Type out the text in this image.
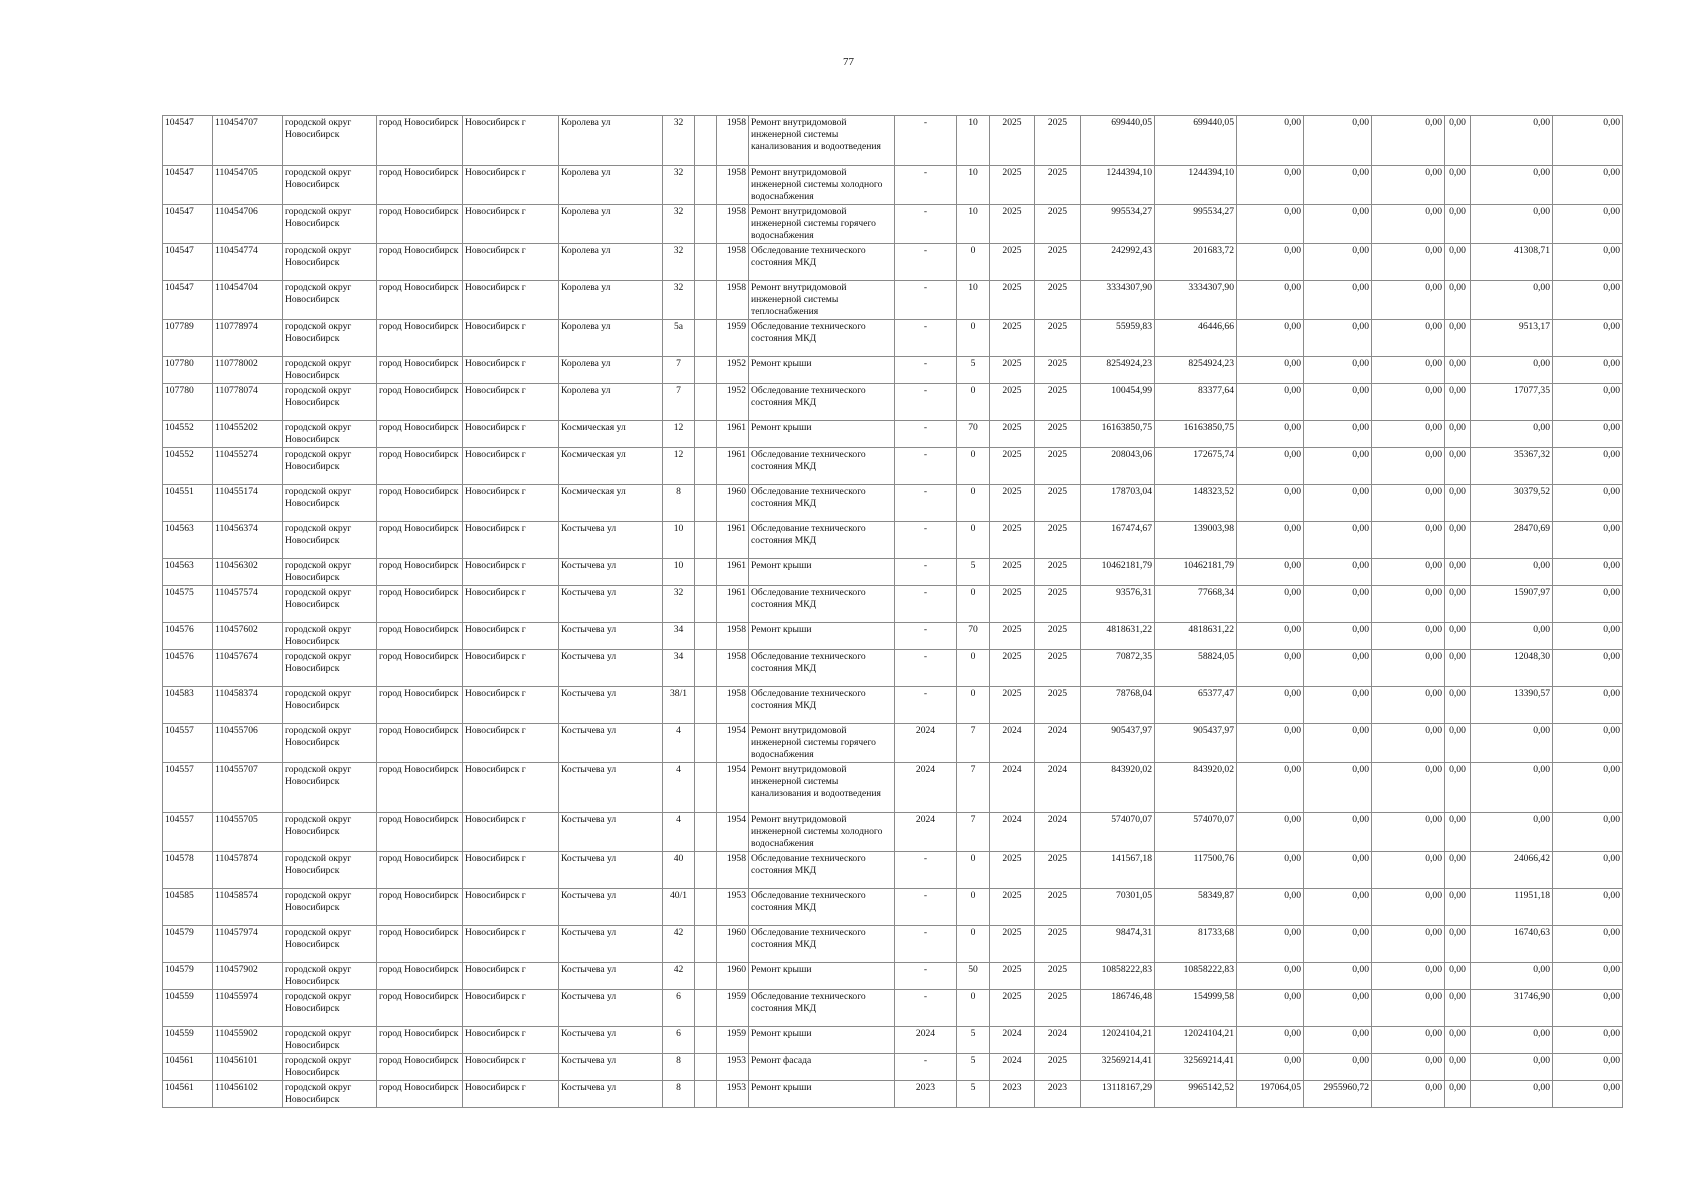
77
104547	110454707	городской округ Новосибирск	город Новосибирск	Новосибирск г	Королева ул	32		1958	Ремонт внутридомовой инженерной системы канализования и водоотведения	-	10	2025	2025	699440,05	699440,05	0,00	0,00	0,00	0,00	0,00	0,00
104547	110454705	городской округ Новосибирск	город Новосибирск	Новосибирск г	Королева ул	32		1958	Ремонт внутридомовой инженерной системы холодного водоснабжения	-	10	2025	2025	1244394,10	1244394,10	0,00	0,00	0,00	0,00	0,00	0,00
104547	110454706	городской округ Новосибирск	город Новосибирск	Новосибирск г	Королева ул	32		1958	Ремонт внутридомовой инженерной системы горячего водоснабжения	-	10	2025	2025	995534,27	995534,27	0,00	0,00	0,00	0,00	0,00	0,00
104547	110454774	городской округ Новосибирск	город Новосибирск	Новосибирск г	Королева ул	32		1958	Обследование технического состояния МКД	-	0	2025	2025	242992,43	201683,72	0,00	0,00	0,00	0,00	41308,71	0,00
104547	110454704	городской округ Новосибирск	город Новосибирск	Новосибирск г	Королева ул	32		1958	Ремонт внутридомовой инженерной системы теплоснабжения	-	10	2025	2025	3334307,90	3334307,90	0,00	0,00	0,00	0,00	0,00	0,00
107789	110778974	городской округ Новосибирск	город Новосибирск	Новосибирск г	Королева ул	5а		1959	Обследование технического состояния МКД	-	0	2025	2025	55959,83	46446,66	0,00	0,00	0,00	0,00	9513,17	0,00
107780	110778002	городской округ Новосибирск	город Новосибирск	Новосибирск г	Королева ул	7		1952	Ремонт крыши	-	5	2025	2025	8254924,23	8254924,23	0,00	0,00	0,00	0,00	0,00	0,00
107780	110778074	городской округ Новосибирск	город Новосибирск	Новосибирск г	Королева ул	7		1952	Обследование технического состояния МКД	-	0	2025	2025	100454,99	83377,64	0,00	0,00	0,00	0,00	17077,35	0,00
104552	110455202	городской округ Новосибирск	город Новосибирск	Новосибирск г	Космическая ул	12		1961	Ремонт крыши	-	70	2025	2025	16163850,75	16163850,75	0,00	0,00	0,00	0,00	0,00	0,00
104552	110455274	городской округ Новосибирск	город Новосибирск	Новосибирск г	Космическая ул	12		1961	Обследование технического состояния МКД	-	0	2025	2025	208043,06	172675,74	0,00	0,00	0,00	0,00	35367,32	0,00
104551	110455174	городской округ Новосибирск	город Новосибирск	Новосибирск г	Космическая ул	8		1960	Обследование технического состояния МКД	-	0	2025	2025	178703,04	148323,52	0,00	0,00	0,00	0,00	30379,52	0,00
104563	110456374	городской округ Новосибирск	город Новосибирск	Новосибирск г	Костычева ул	10		1961	Обследование технического состояния МКД	-	0	2025	2025	167474,67	139003,98	0,00	0,00	0,00	0,00	28470,69	0,00
104563	110456302	городской округ Новосибирск	город Новосибирск	Новосибирск г	Костычева ул	10		1961	Ремонт крыши	-	5	2025	2025	10462181,79	10462181,79	0,00	0,00	0,00	0,00	0,00	0,00
104575	110457574	городской округ Новосибирск	город Новосибирск	Новосибирск г	Костычева ул	32		1961	Обследование технического состояния МКД	-	0	2025	2025	93576,31	77668,34	0,00	0,00	0,00	0,00	15907,97	0,00
104576	110457602	городской округ Новосибирск	город Новосибирск	Новосибирск г	Костычева ул	34		1958	Ремонт крыши	-	70	2025	2025	4818631,22	4818631,22	0,00	0,00	0,00	0,00	0,00	0,00
104576	110457674	городской округ Новосибирск	город Новосибирск	Новосибирск г	Костычева ул	34		1958	Обследование технического состояния МКД	-	0	2025	2025	70872,35	58824,05	0,00	0,00	0,00	0,00	12048,30	0,00
104583	110458374	городской округ Новосибирск	город Новосибирск	Новосибирск г	Костычева ул	38/1		1958	Обследование технического состояния МКД	-	0	2025	2025	78768,04	65377,47	0,00	0,00	0,00	0,00	13390,57	0,00
104557	110455706	городской округ Новосибирск	город Новосибирск	Новосибирск г	Костычева ул	4		1954	Ремонт внутридомовой инженерной системы горячего водоснабжения	2024	7	2024	2024	905437,97	905437,97	0,00	0,00	0,00	0,00	0,00	0,00
104557	110455707	городской округ Новосибирск	город Новосибирск	Новосибирск г	Костычева ул	4		1954	Ремонт внутридомовой инженерной системы канализования и водоотведения	2024	7	2024	2024	843920,02	843920,02	0,00	0,00	0,00	0,00	0,00	0,00
104557	110455705	городской округ Новосибирск	город Новосибирск	Новосибирск г	Костычева ул	4		1954	Ремонт внутридомовой инженерной системы холодного водоснабжения	2024	7	2024	2024	574070,07	574070,07	0,00	0,00	0,00	0,00	0,00	0,00
104578	110457874	городской округ Новосибирск	город Новосибирск	Новосибирск г	Костычева ул	40		1958	Обследование технического состояния МКД	-	0	2025	2025	141567,18	117500,76	0,00	0,00	0,00	0,00	24066,42	0,00
104585	110458574	городской округ Новосибирск	город Новосибирск	Новосибирск г	Костычева ул	40/1		1953	Обследование технического состояния МКД	-	0	2025	2025	70301,05	58349,87	0,00	0,00	0,00	0,00	11951,18	0,00
104579	110457974	городской округ Новосибирск	город Новосибирск	Новосибирск г	Костычева ул	42		1960	Обследование технического состояния МКД	-	0	2025	2025	98474,31	81733,68	0,00	0,00	0,00	0,00	16740,63	0,00
104579	110457902	городской округ Новосибирск	город Новосибирск	Новосибирск г	Костычева ул	42		1960	Ремонт крыши	-	50	2025	2025	10858222,83	10858222,83	0,00	0,00	0,00	0,00	0,00	0,00
104559	110455974	городской округ Новосибирск	город Новосибирск	Новосибирск г	Костычева ул	6		1959	Обследование технического состояния МКД	-	0	2025	2025	186746,48	154999,58	0,00	0,00	0,00	0,00	31746,90	0,00
104559	110455902	городской округ Новосибирск	город Новосибирск	Новосибирск г	Костычева ул	6		1959	Ремонт крыши	2024	5	2024	2024	12024104,21	12024104,21	0,00	0,00	0,00	0,00	0,00	0,00
104561	110456101	городской округ Новосибирск	город Новосибирск	Новосибирск г	Костычева ул	8		1953	Ремонт фасада	-	5	2024	2025	32569214,41	32569214,41	0,00	0,00	0,00	0,00	0,00	0,00
104561	110456102	городской округ Новосибирск	город Новосибирск	Новосибирск г	Костычева ул	8		1953	Ремонт крыши	2023	5	2023	2023	13118167,29	9965142,52	197064,05	2955960,72	0,00	0,00	0,00	0,00
